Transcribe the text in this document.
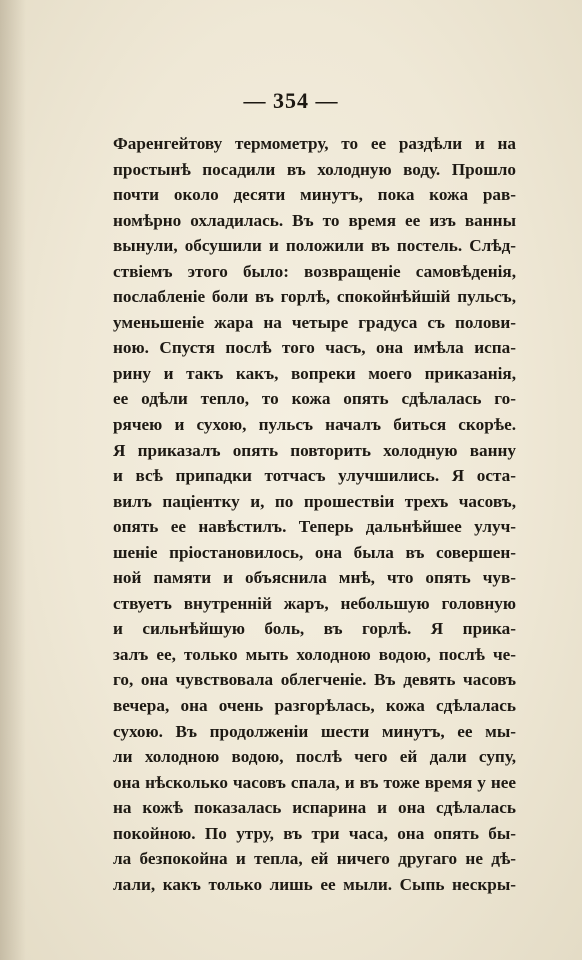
— 354 —
Фаренгейтову термометру, то ее раздѣли и на
простынѣ посадили въ холодную воду. Прошло
почти около десяти минутъ, пока кожа рав-
номѣрно охладилась. Въ то время ее изъ ванны
вынули, обсушили и положили въ постель. Слѣд-
ствіемъ этого было: возвращеніе самовѣденія,
послабленіе боли въ горлѣ, спокойнѣйшій пульсъ,
уменьшеніе жара на четыре градуса съ полови-
ною. Спустя послѣ того часъ, она имѣла испа-
рину и такъ какъ, вопреки моего приказанія,
ее одѣли тепло, то кожа опять сдѣлалась го-
рячею и сухою, пульсъ началъ биться скорѣе.
Я приказалъ опять повторить холодную ванну
и всѣ припадки тотчасъ улучшились. Я оста-
вилъ паціентку и, по прошествіи трехъ часовъ,
опять ее навѣстилъ. Теперь дальнѣйшее улуч-
шеніе пріостановилось, она была въ совершен-
ной памяти и объяснила мнѣ, что опять чув-
ствуетъ внутренній жаръ, небольшую головную
и сильнѣйшую боль, въ горлѣ. Я прика-
залъ ее, только мыть холодною водою, послѣ че-
го, она чувствовала облегченіе. Въ девять часовъ
вечера, она очень разгорѣлась, кожа сдѣлалась
сухою. Въ продолженіи шести минутъ, ее мы-
ли холодною водою, послѣ чего ей дали супу,
она нѣсколько часовъ спала, и въ тоже время у нее
на кожѣ показалась испарина и она сдѣлалась
покойною. По утру, въ три часа, она опять бы-
ла безпокойна и тепла, ей ничего другаго не дѣ-
лали, какъ только лишь ее мыли. Сыпь нескры-
